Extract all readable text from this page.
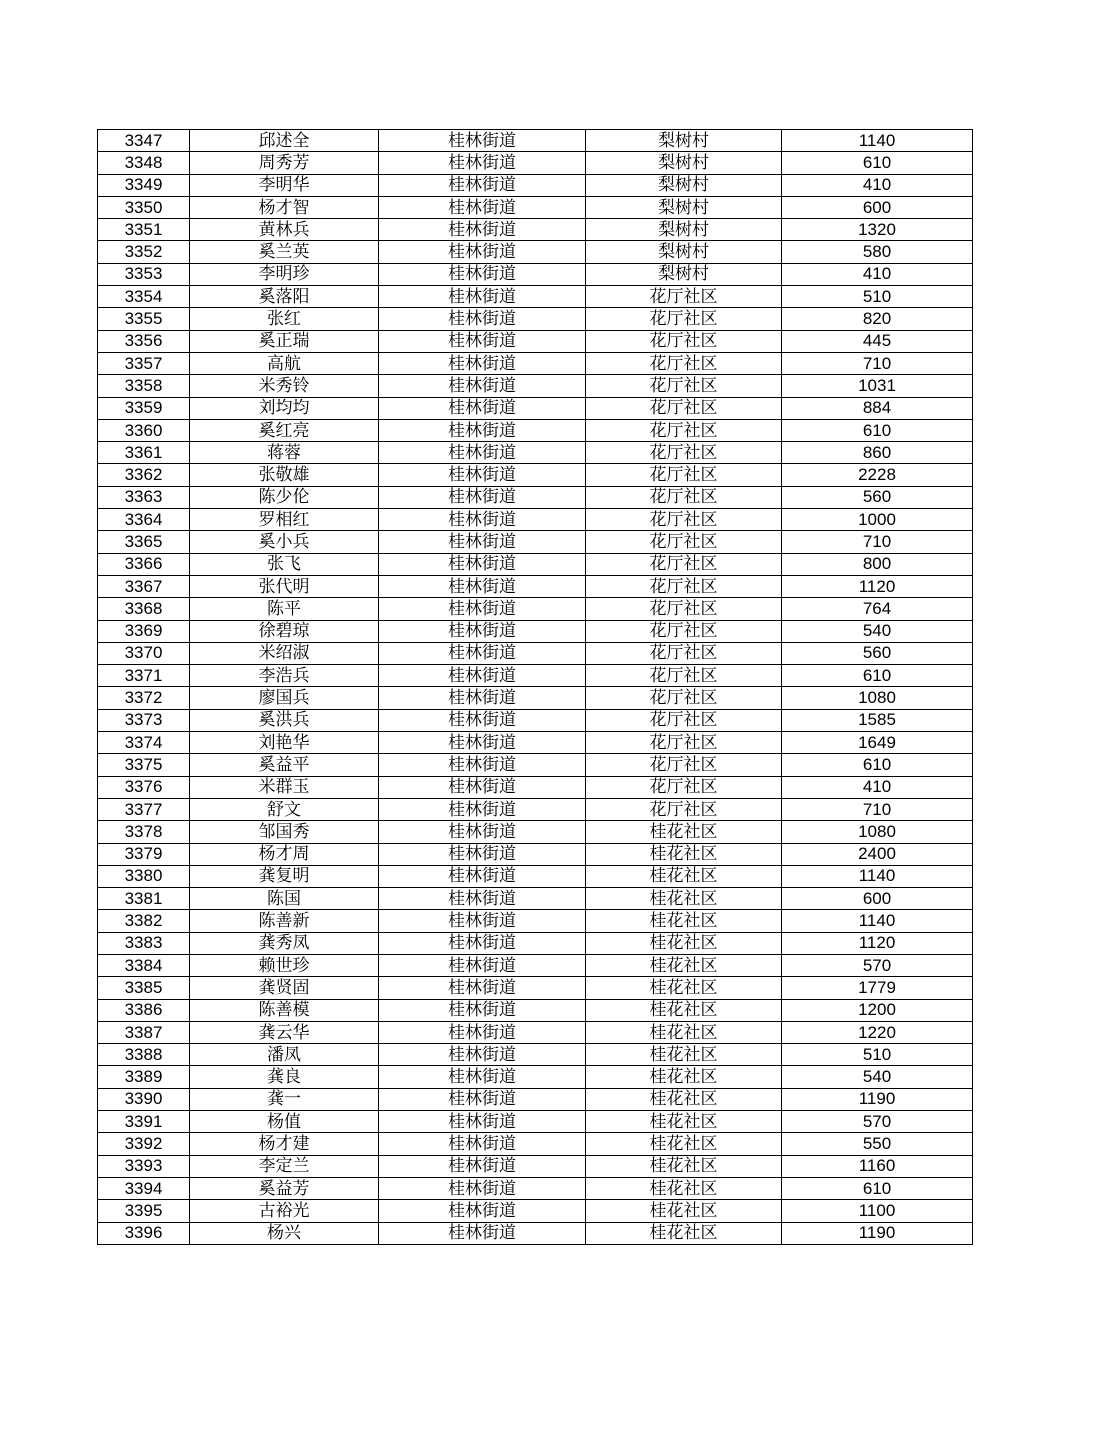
3347	邱述全	桂林街道	梨树村	1140
3348	周秀芳	桂林街道	梨树村	610
3349	李明华	桂林街道	梨树村	410
3350	杨才智	桂林街道	梨树村	600
3351	黄林兵	桂林街道	梨树村	1320
3352	奚兰英	桂林街道	梨树村	580
3353	李明珍	桂林街道	梨树村	410
3354	奚落阳	桂林街道	花厅社区	510
3355	张红	桂林街道	花厅社区	820
3356	奚正瑞	桂林街道	花厅社区	445
3357	高航	桂林街道	花厅社区	710
3358	米秀铃	桂林街道	花厅社区	1031
3359	刘均均	桂林街道	花厅社区	884
3360	奚红亮	桂林街道	花厅社区	610
3361	蒋蓉	桂林街道	花厅社区	860
3362	张敬雄	桂林街道	花厅社区	2228
3363	陈少伦	桂林街道	花厅社区	560
3364	罗相红	桂林街道	花厅社区	1000
3365	奚小兵	桂林街道	花厅社区	710
3366	张飞	桂林街道	花厅社区	800
3367	张代明	桂林街道	花厅社区	1120
3368	陈平	桂林街道	花厅社区	764
3369	徐碧琼	桂林街道	花厅社区	540
3370	米绍淑	桂林街道	花厅社区	560
3371	李浩兵	桂林街道	花厅社区	610
3372	廖国兵	桂林街道	花厅社区	1080
3373	奚洪兵	桂林街道	花厅社区	1585
3374	刘艳华	桂林街道	花厅社区	1649
3375	奚益平	桂林街道	花厅社区	610
3376	米群玉	桂林街道	花厅社区	410
3377	舒文	桂林街道	花厅社区	710
3378	邹国秀	桂林街道	桂花社区	1080
3379	杨才周	桂林街道	桂花社区	2400
3380	龚复明	桂林街道	桂花社区	1140
3381	陈国	桂林街道	桂花社区	600
3382	陈善新	桂林街道	桂花社区	1140
3383	龚秀凤	桂林街道	桂花社区	1120
3384	赖世珍	桂林街道	桂花社区	570
3385	龚贤固	桂林街道	桂花社区	1779
3386	陈善模	桂林街道	桂花社区	1200
3387	龚云华	桂林街道	桂花社区	1220
3388	潘凤	桂林街道	桂花社区	510
3389	龚良	桂林街道	桂花社区	540
3390	龚一	桂林街道	桂花社区	1190
3391	杨值	桂林街道	桂花社区	570
3392	杨才建	桂林街道	桂花社区	550
3393	李定兰	桂林街道	桂花社区	1160
3394	奚益芳	桂林街道	桂花社区	610
3395	古裕光	桂林街道	桂花社区	1100
3396	杨兴	桂林街道	桂花社区	1190
